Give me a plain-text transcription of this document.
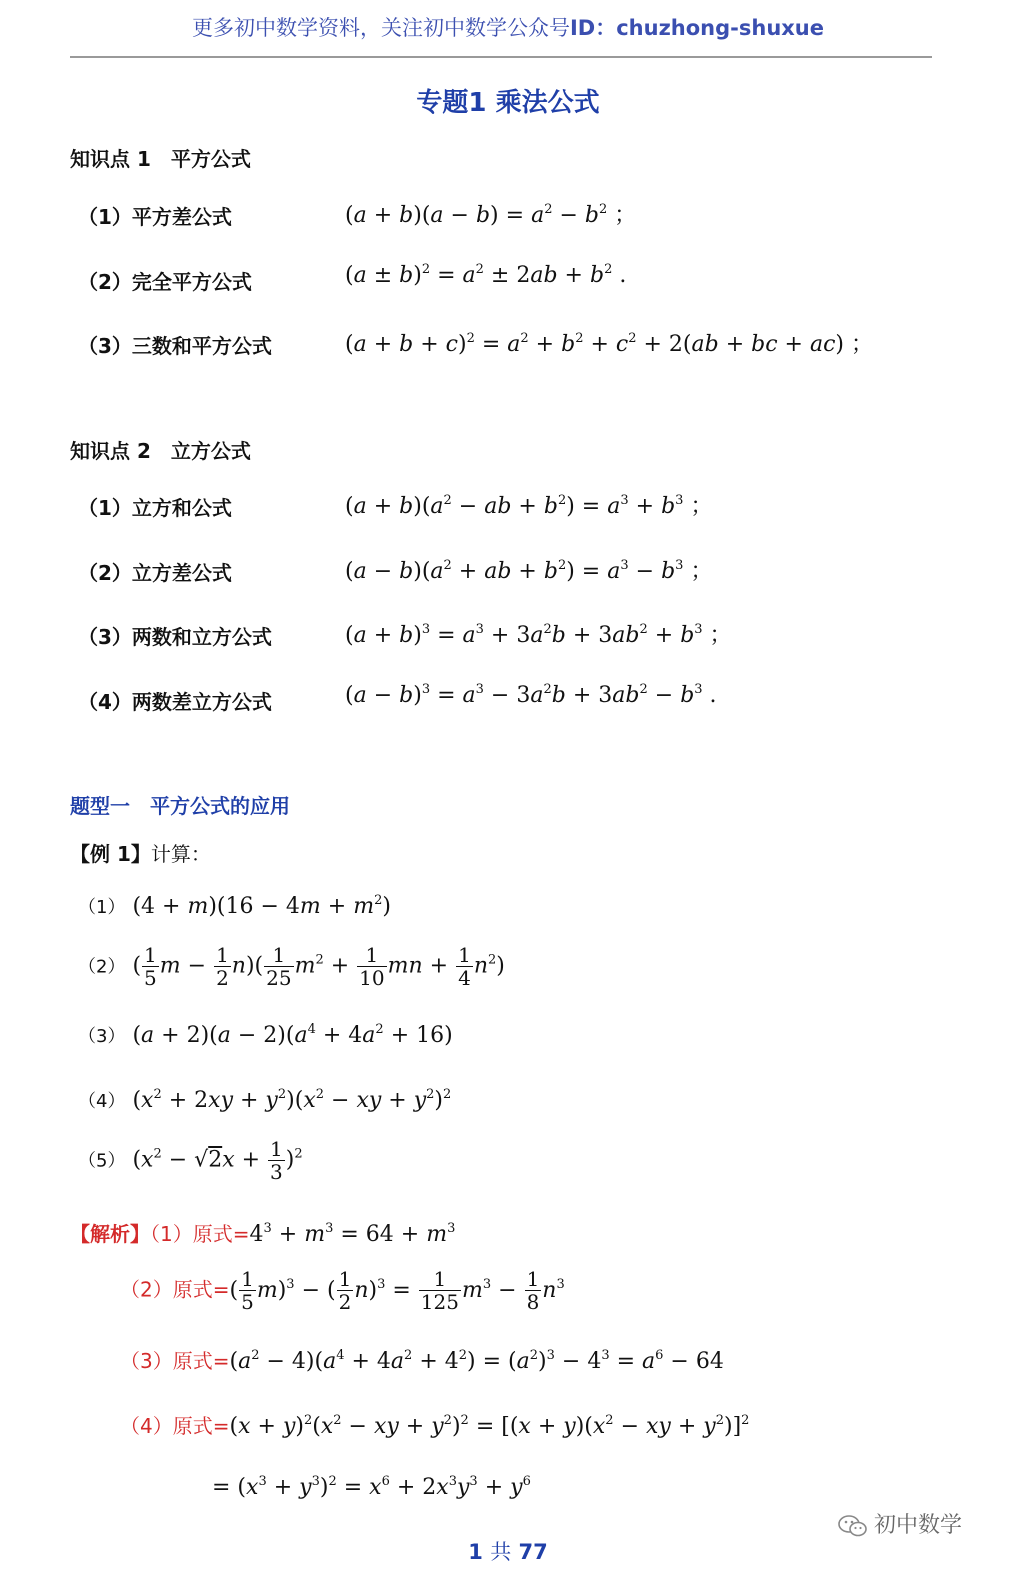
更多初中数学资料，关注初中数学公众号ID：chuzhong-shuxue
专题1 乘法公式
知识点 1　平方公式
（1）平方差公式	$(a + b)(a - b) = a^2 - b^2$ ；
（2）完全平方公式	$(a \pm b)^2 = a^2 \pm 2ab + b^2$ .
（3）三数和平方公式	$(a + b + c)^2 = a^2 + b^2 + c^2 + 2(ab$ + bc + ac) ；
知识点 2　立方公式
（1）立方和公式	$(a + b)(a^2$ − ab + $b^2) = a^3 + b^3$ ；
（2）立方差公式	$(a - b)(a^2$ + ab + $b^2) = a^3 - b^3$ ；
（3）两数和立方公式	$(a + b)^3 = a^3 + 3a^2b + 3ab^2 + b^3$ ；
（4）两数差立方公式	$(a - b)^3 = a^3 - 3a^2b + 3ab^2 - b^3$ .
题型一　平方公式的应用
【例 1】计算：
（1） $(4 + m)(16 - 4m + m^2)$
（2） ( $\frac{1}{5}$ $m - \frac{1}{2} n)( \frac{1}{25} m^2 + \frac{1}{10}$ mn + $\frac{1}{4} n^2$)
（3） $(a + 2)(a - 2)(a^4 + 4a^2 + 16)$
（4） $(x^2 + 2xy + y^2)(x^2$ − xy + $y^2)^2$
（5） $(x^2 - √2x + \frac{1}{3} )^2$
【解析】（1）原式$=4^3 + m^3 = 64 + m^3$
（2）原式=( $\frac{1}{5} m)^3$ − ( $\frac{1}{2} n)^3 = \frac{1}{125} m^3 - \frac{1}{8} n^3$
（3）原式$=(a^2 - 4)(a^4 + 4a^2 + 4^2) = (a^2)^3 - 4^3 = a^6 - 64$
（4）原式$=(x + y)^2(x^2$ − xy + $y^2)^2 = [(x + y)(x^2$ − xy + $y^2)]^2$
= $(x^3 + y^3)^2 = x^6 + 2x^3y^3 + y^6$
初中数学
1 共 77
